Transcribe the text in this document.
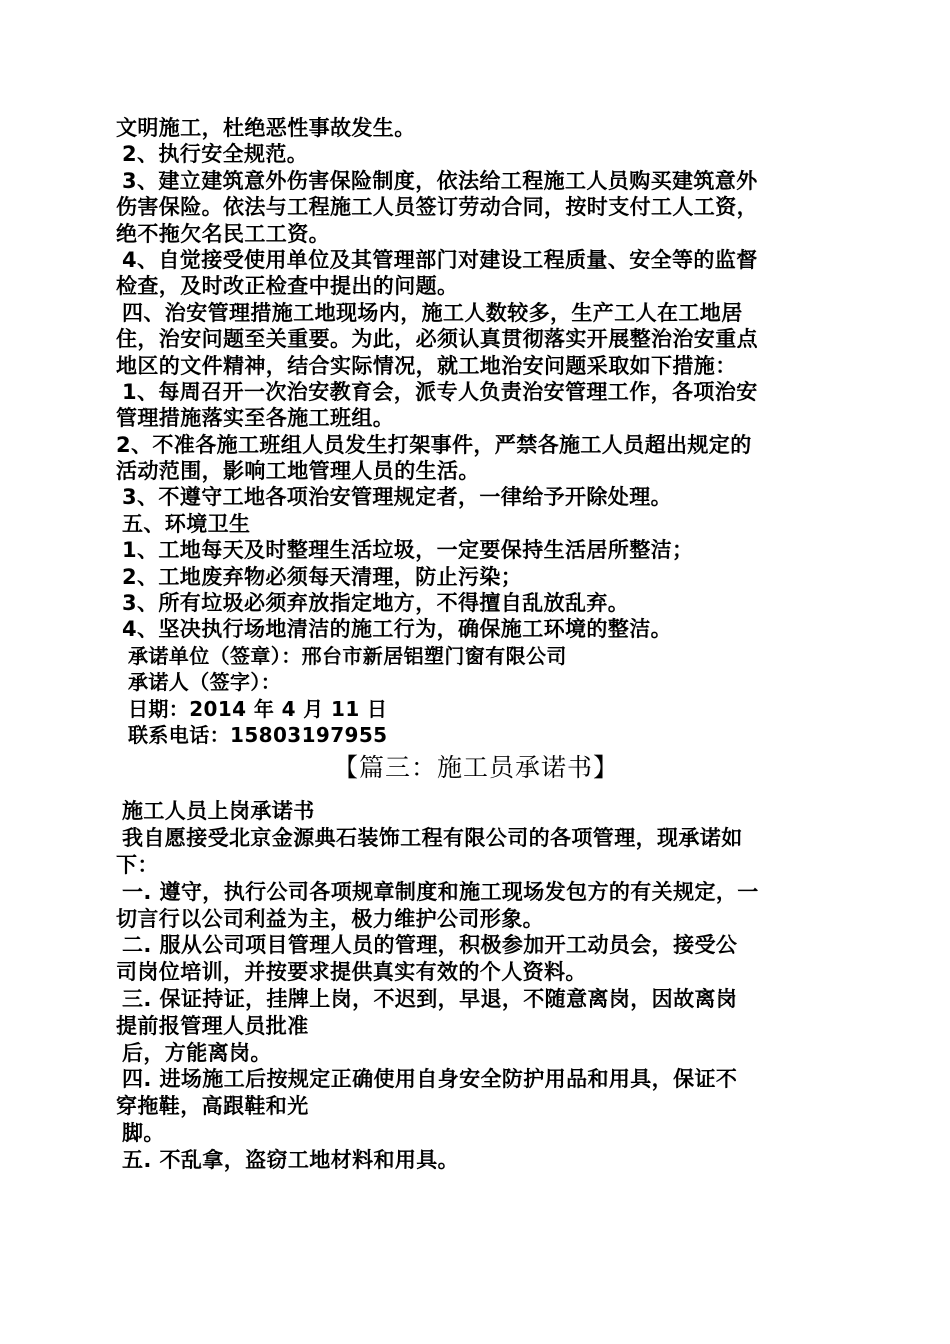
文明施工，杜绝恶性事故发生。
2、执行安全规范。
3、建立建筑意外伤害保险制度，依法给工程施工人员购买建筑意外
伤害保险。依法与工程施工人员签订劳动合同，按时支付工人工资，
绝不拖欠名民工工资。
4、自觉接受使用单位及其管理部门对建设工程质量、安全等的监督
检查，及时改正检查中提出的问题。
四、治安管理措施工地现场内，施工人数较多，生产工人在工地居
住，治安问题至关重要。为此，必须认真贯彻落实开展整治治安重点
地区的文件精神，结合实际情况，就工地治安问题采取如下措施：
1、每周召开一次治安教育会，派专人负责治安管理工作，各项治安
管理措施落实至各施工班组。
2、不准各施工班组人员发生打架事件，严禁各施工人员超出规定的
活动范围，影响工地管理人员的生活。
3、不遵守工地各项治安管理规定者，一律给予开除处理。
五、环境卫生
1、工地每天及时整理生活垃圾，一定要保持生活居所整洁；
2、工地废弃物必须每天清理，防止污染；
3、所有垃圾必须弃放指定地方，不得擅自乱放乱弃。
4、坚决执行场地清洁的施工行为，确保施工环境的整洁。
承诺单位（签章）：邢台市新居铝塑门窗有限公司
承诺人（签字）：
日期：2014 年 4 月 11 日
联系电话：15803197955
【篇三：施工员承诺书】
施工人员上岗承诺书
我自愿接受北京金源典石装饰工程有限公司的各项管理，现承诺如
下：
一. 遵守，执行公司各项规章制度和施工现场发包方的有关规定，一
切言行以公司利益为主，极力维护公司形象。
二. 服从公司项目管理人员的管理，积极参加开工动员会，接受公
司岗位培训，并按要求提供真实有效的个人资料。
三. 保证持证，挂牌上岗，不迟到，早退，不随意离岗，因故离岗
提前报管理人员批准
后，方能离岗。
四. 进场施工后按规定正确使用自身安全防护用品和用具，保证不
穿拖鞋，高跟鞋和光
脚。
五. 不乱拿，盗窃工地材料和用具。
